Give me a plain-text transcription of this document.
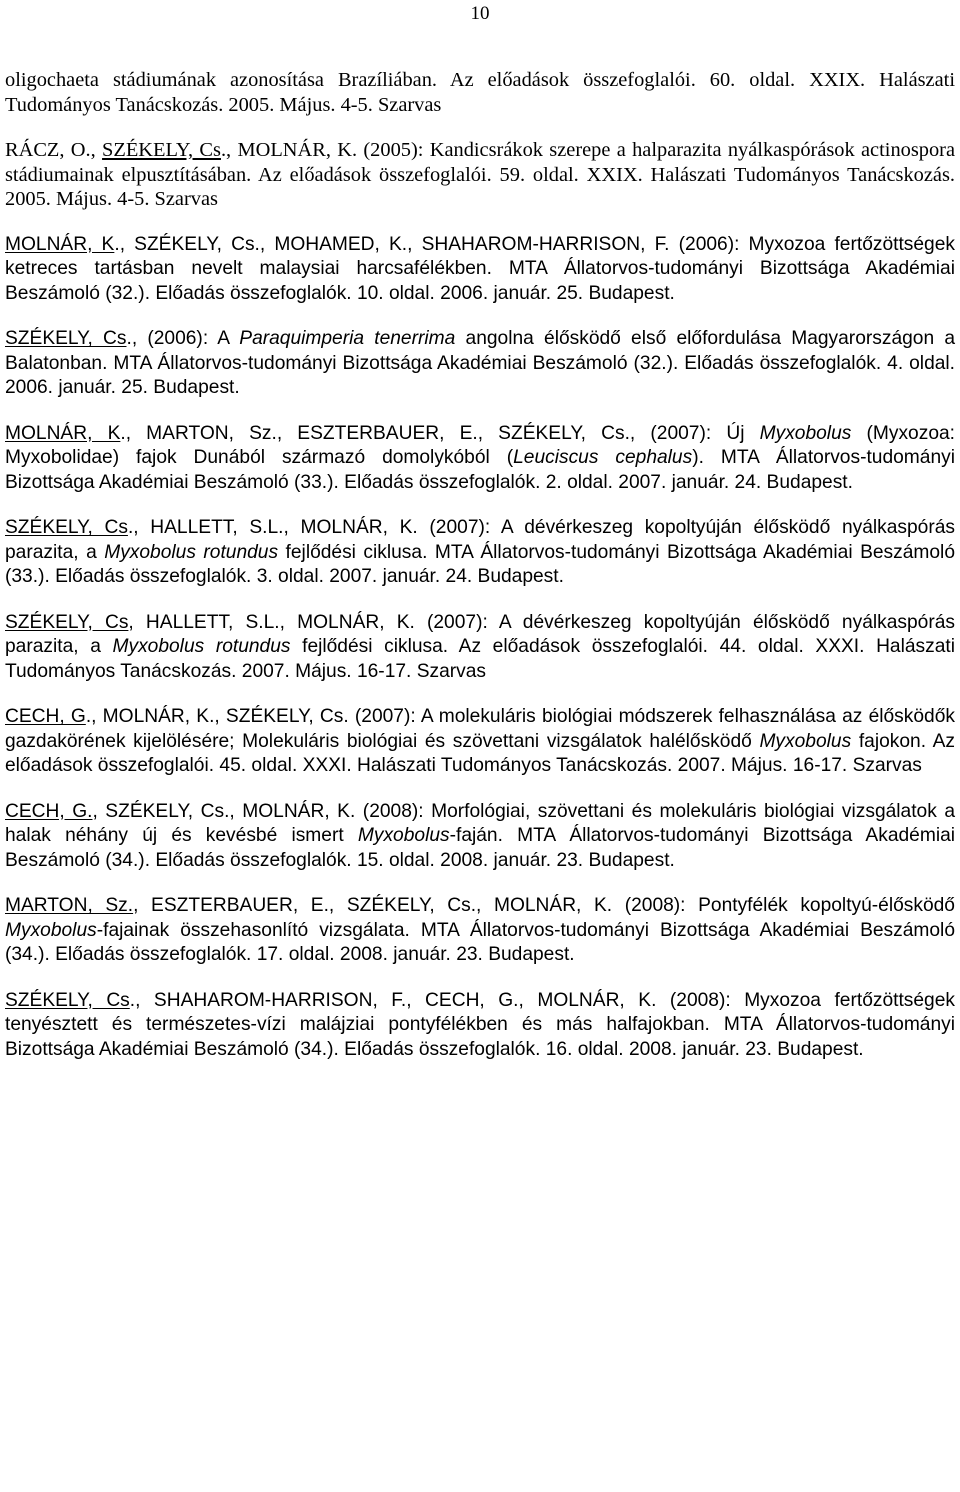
10

oligochaeta stádiumának azonosítása Brazíliában. Az előadások összefoglalói. 60. oldal. XXIX. Halászati Tudományos Tanácskozás. 2005. Május. 4-5. Szarvas

RÁCZ, O., SZÉKELY, Cs., MOLNÁR, K. (2005): Kandicsrákok szerepe a halparazita nyálkaspórások actinospora stádiumainak elpusztításában. Az előadások összefoglalói. 59. oldal. XXIX. Halászati Tudományos Tanácskozás. 2005. Május. 4-5. Szarvas

MOLNÁR, K., SZÉKELY, Cs., MOHAMED, K., SHAHAROM-HARRISON, F. (2006): Myxozoa fertőzöttségek ketreces tartásban nevelt malaysiai harcsafélékben. MTA Állatorvos-tudományi Bizottsága Akadémiai Beszámoló (32.). Előadás összefoglalók. 10. oldal. 2006. január. 25. Budapest.

SZÉKELY, Cs., (2006): A Paraquimperia tenerrima angolna élősködő első előfordulása Magyarországon a Balatonban. MTA Állatorvos-tudományi Bizottsága Akadémiai Beszámoló (32.). Előadás összefoglalók. 4. oldal. 2006. január. 25. Budapest.

MOLNÁR, K., MARTON, Sz., ESZTERBAUER, E., SZÉKELY, Cs., (2007): Új Myxobolus (Myxozoa: Myxobolidae) fajok Dunából származó domolykóból (Leuciscus cephalus). MTA Állatorvos-tudományi Bizottsága Akadémiai Beszámoló (33.). Előadás összefoglalók. 2. oldal. 2007. január. 24. Budapest.

SZÉKELY, Cs., HALLETT, S.L., MOLNÁR, K. (2007): A dévérkeszeg kopoltyúján élősködő nyálkaspórás parazita, a Myxobolus rotundus fejlődési ciklusa. MTA Állatorvos-tudományi Bizottsága Akadémiai Beszámoló (33.). Előadás összefoglalók. 3. oldal. 2007. január. 24. Budapest.

SZÉKELY, Cs, HALLETT, S.L., MOLNÁR, K. (2007): A dévérkeszeg kopoltyúján élősködő nyálkaspórás parazita, a Myxobolus rotundus fejlődési ciklusa. Az előadások összefoglalói. 44. oldal. XXXI. Halászati Tudományos Tanácskozás. 2007. Május. 16-17. Szarvas

CECH, G., MOLNÁR, K., SZÉKELY, Cs. (2007): A molekuláris biológiai módszerek felhasználása az élősködők gazdakörének kijelölésére; Molekuláris biológiai és szövettani vizsgálatok halélősködő Myxobolus fajokon. Az előadások összefoglalói. 45. oldal. XXXI. Halászati Tudományos Tanácskozás. 2007. Május. 16-17. Szarvas

CECH, G., SZÉKELY, Cs., MOLNÁR, K. (2008): Morfológiai, szövettani és molekuláris biológiai vizsgálatok a halak néhány új és kevésbé ismert Myxobolus-faján. MTA Állatorvos-tudományi Bizottsága Akadémiai Beszámoló (34.). Előadás összefoglalók. 15. oldal. 2008. január. 23. Budapest.

MARTON, Sz., ESZTERBAUER, E., SZÉKELY, Cs., MOLNÁR, K. (2008): Pontyfélék kopoltyú-élősködő Myxobolus-fajainak összehasonlító vizsgálata. MTA Állatorvos-tudományi Bizottsága Akadémiai Beszámoló (34.). Előadás összefoglalók. 17. oldal. 2008. január. 23. Budapest.

SZÉKELY, Cs., SHAHAROM-HARRISON, F., CECH, G., MOLNÁR, K. (2008): Myxozoa fertőzöttségek tenyésztett és természetes-vízi malájziai pontyfélékben és más halfajokban. MTA Állatorvos-tudományi Bizottsága Akadémiai Beszámoló (34.). Előadás összefoglalók. 16. oldal. 2008. január. 23. Budapest.
